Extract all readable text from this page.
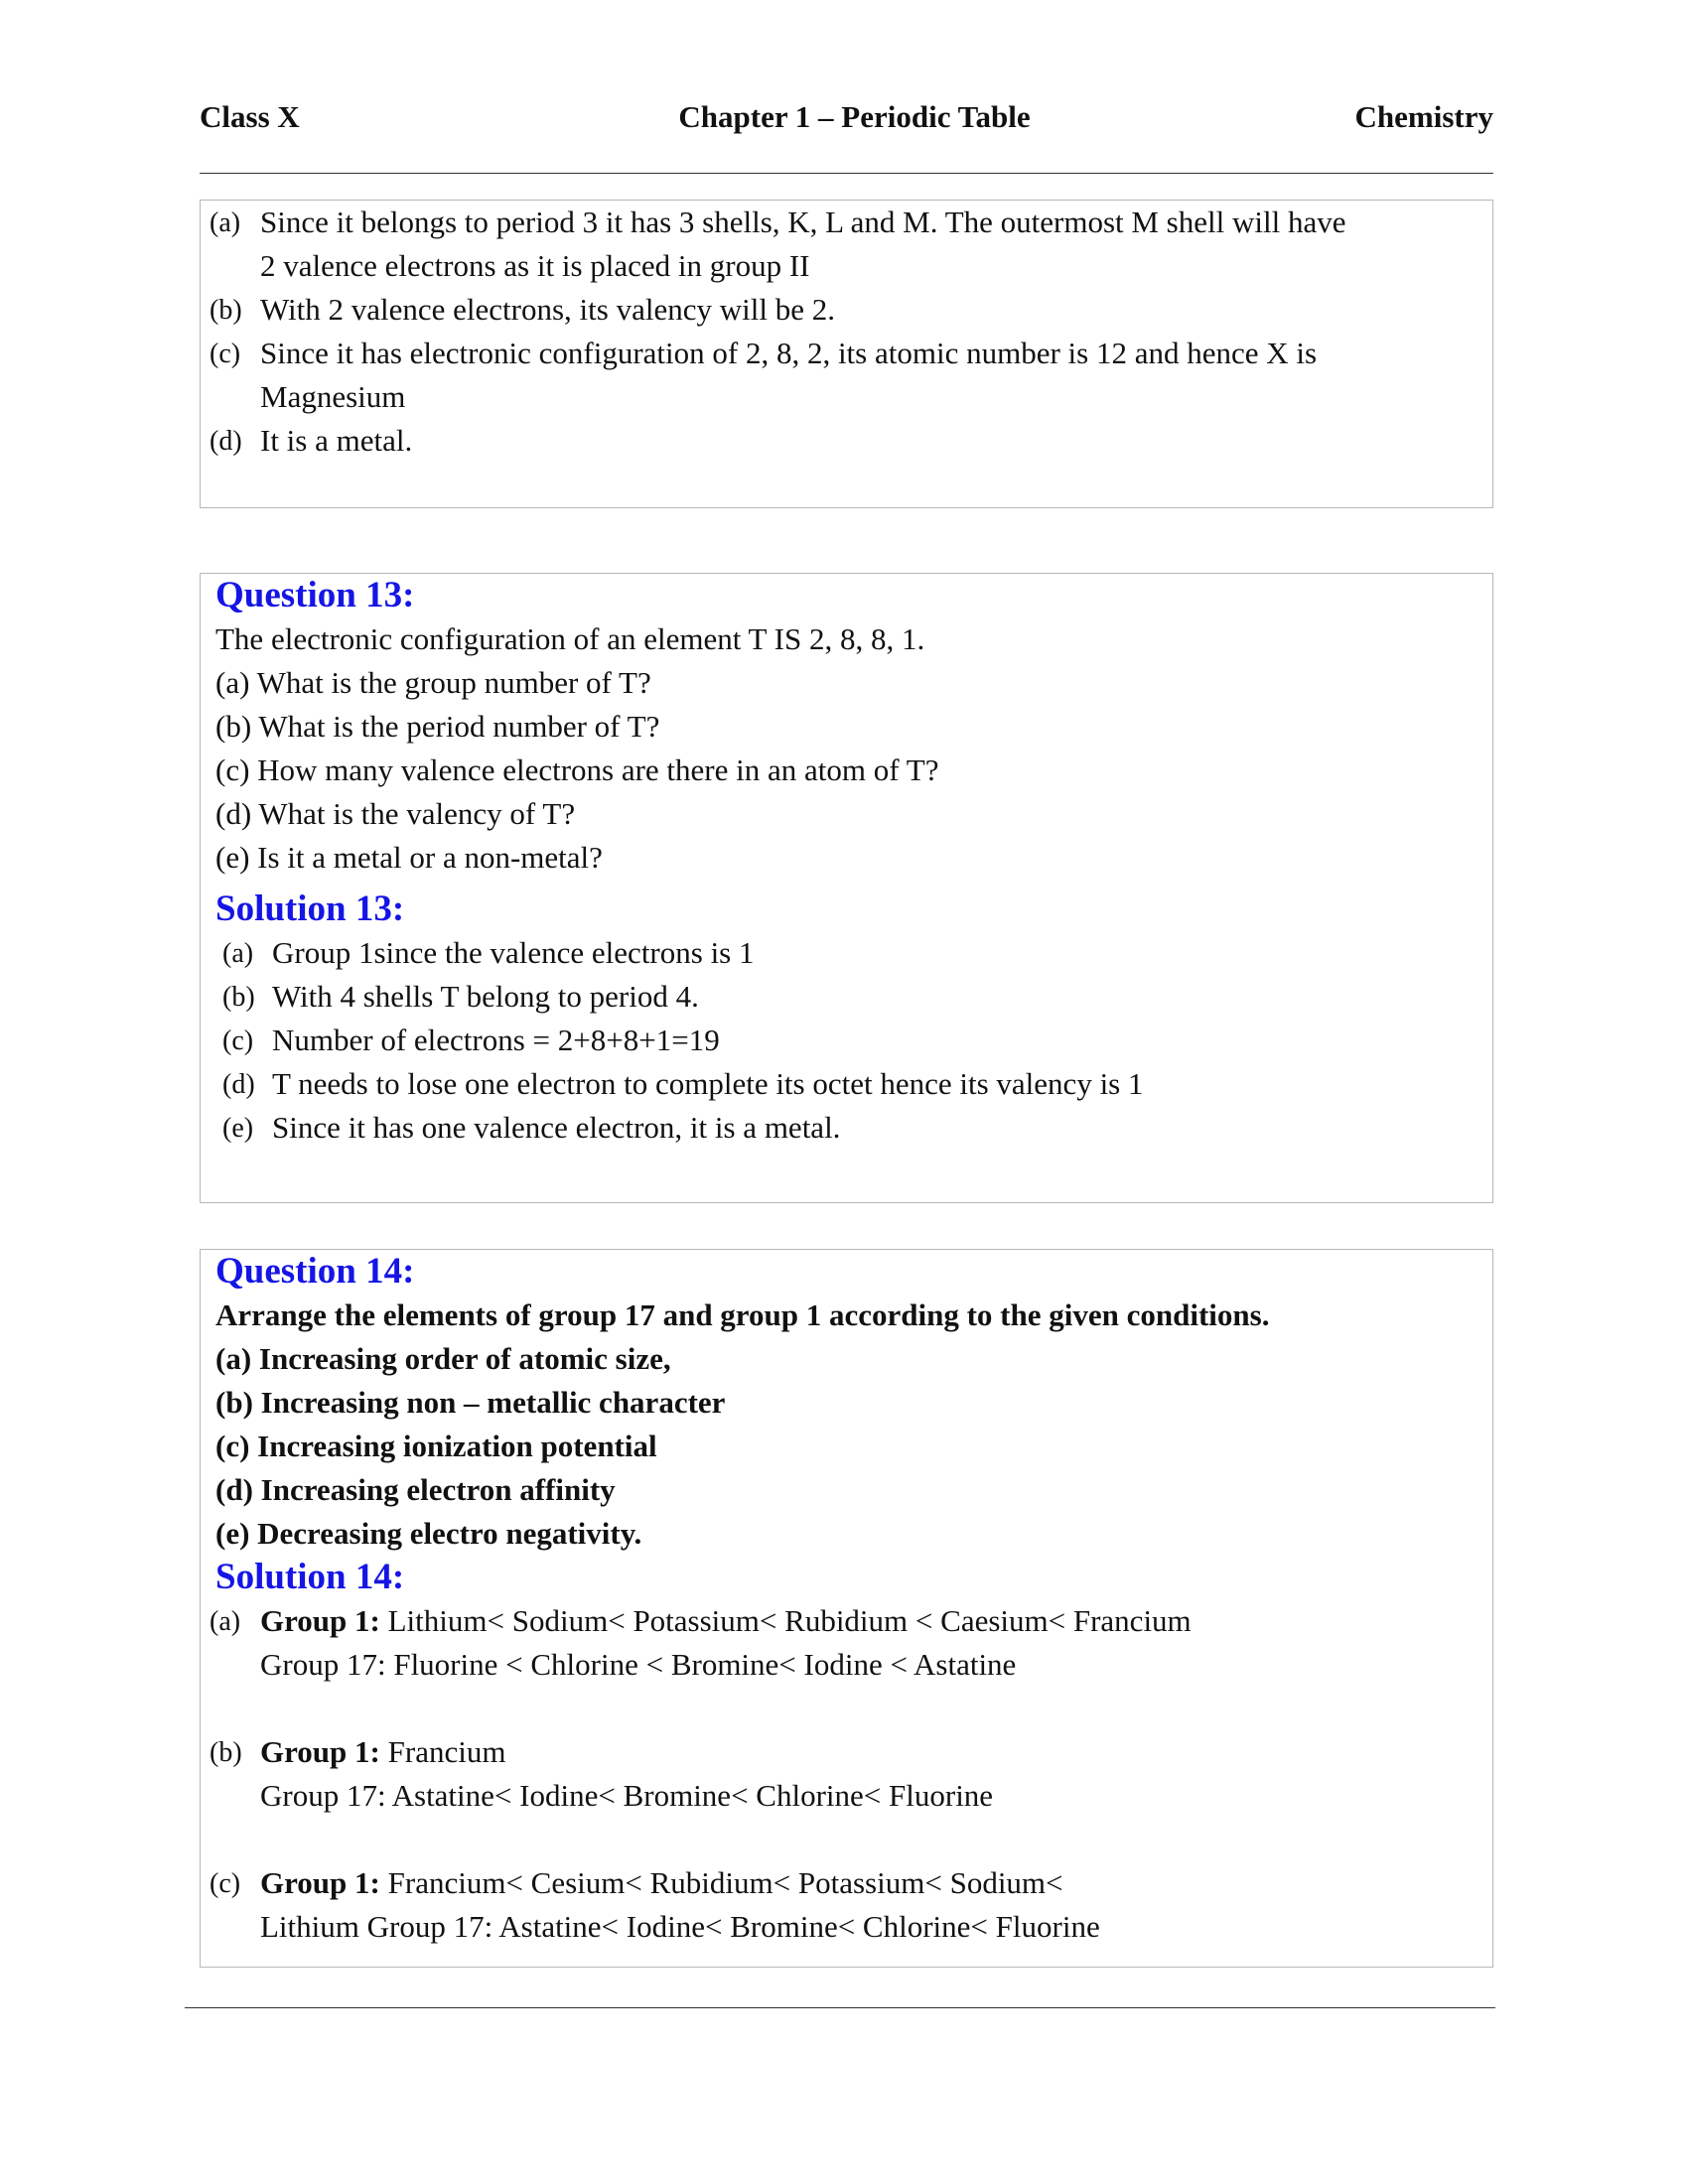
Class X	Chapter 1 – Periodic Table	Chemistry
(a) Since it belongs to period 3 it has 3 shells, K, L and M. The outermost M shell will have
2 valence electrons as it is placed in group II
(b) With 2 valence electrons, its valency will be 2.
(c) Since it has electronic configuration of 2, 8, 2, its atomic number is 12 and hence X is
Magnesium
(d) It is a metal.
Question 13:
The electronic configuration of an element T IS 2, 8, 8, 1.
(a) What is the group number of T?
(b) What is the period number of T?
(c) How many valence electrons are there in an atom of T?
(d) What is the valency of T?
(e) Is it a metal or a non-metal?
Solution 13:
(a) Group 1since the valence electrons is 1
(b) With 4 shells T belong to period 4.
(c) Number of electrons = 2+8+8+1=19
(d) T needs to lose one electron to complete its octet hence its valency is 1
(e) Since it has one valence electron, it is a metal.
Question 14:
Arrange the elements of group 17 and group 1 according to the given conditions.
(a) Increasing order of atomic size,
(b) Increasing non – metallic character
(c) Increasing ionization potential
(d) Increasing electron affinity
(e) Decreasing electro negativity.
Solution 14:
(a) Group 1: Lithium< Sodium< Potassium< Rubidium < Caesium< Francium
Group 17: Fluorine < Chlorine < Bromine< Iodine < Astatine
(b) Group 1: Francium
Group 17: Astatine< Iodine< Bromine< Chlorine< Fluorine
(c) Group 1: Francium< Cesium< Rubidium< Potassium< Sodium<
Lithium Group 17: Astatine< Iodine< Bromine< Chlorine< Fluorine
